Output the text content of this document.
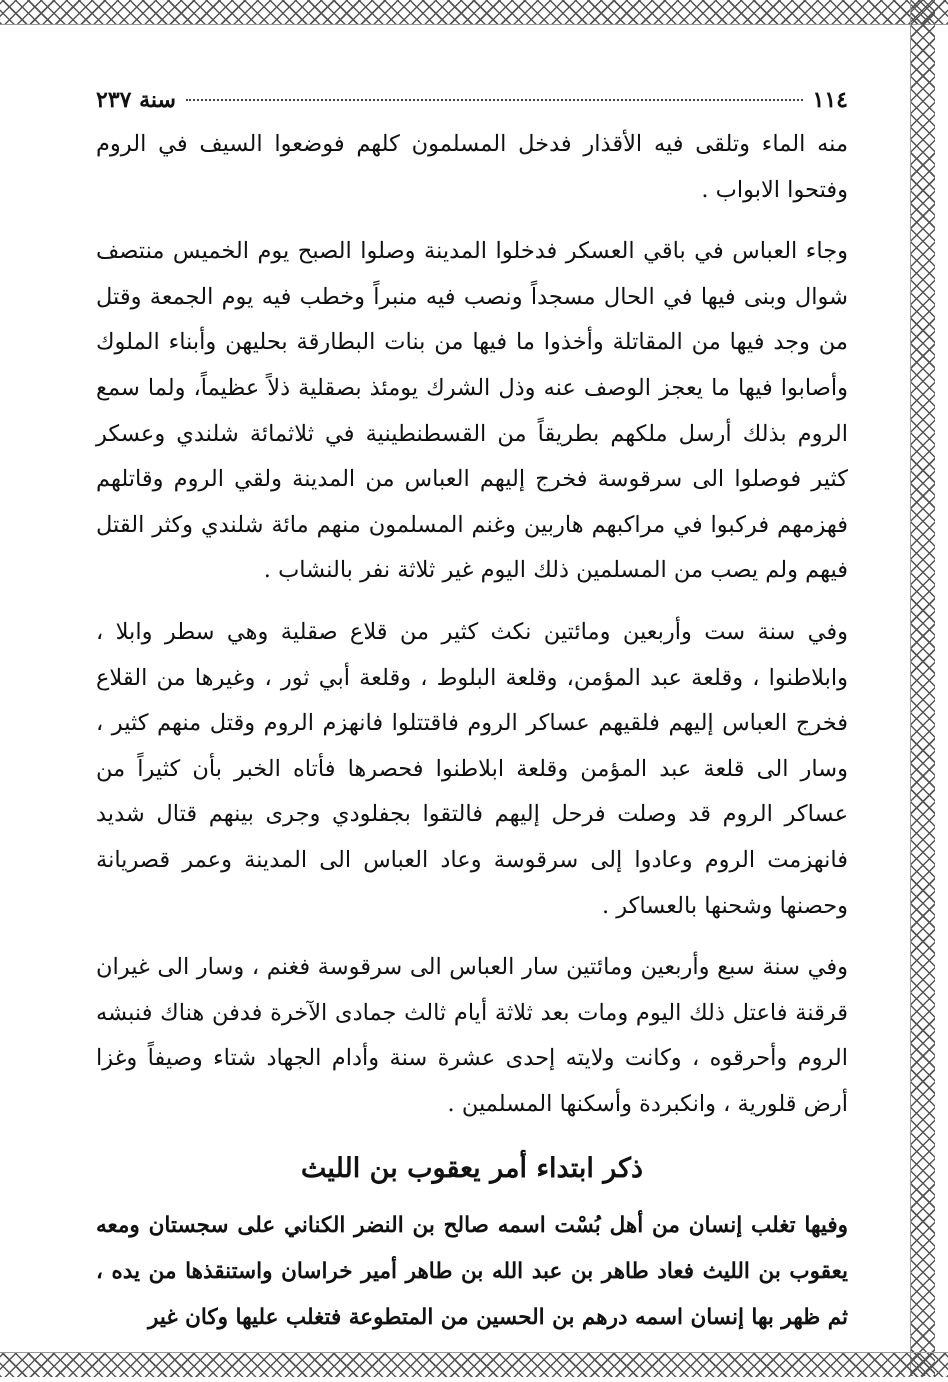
١١٤
سنة ٢٣٧

منه الماء وتلقى فيه الأقذار فدخل المسلمون كلهم فوضعوا السيف في الروم وفتحوا الابواب .

وجاء العباس في باقي العسكر فدخلوا المدينة وصلوا الصبح يوم الخميس منتصف شوال وبنى فيها في الحال مسجداً ونصب فيه منبراً وخطب فيه يوم الجمعة وقتل من وجد فيها من المقاتلة وأخذوا ما فيها من بنات البطارقة بحليهن وأبناء الملوك وأصابوا فيها ما يعجز الوصف عنه وذل الشرك يومئذ بصقلية ذلاً عظيماً، ولما سمع الروم بذلك أرسل ملكهم بطريقاً من القسطنطينية في ثلاثمائة شلندي وعسكر كثير فوصلوا الى سرقوسة فخرج إليهم العباس من المدينة ولقي الروم وقاتلهم فهزمهم فركبوا في مراكبهم هاربين وغنم المسلمون منهم مائة شلندي وكثر القتل فيهم ولم يصب من المسلمين ذلك اليوم غير ثلاثة نفر بالنشاب .

وفي سنة ست وأربعين ومائتين نكث كثير من قلاع صقلية وهي سطر وابلا ، وابلاطنوا ، وقلعة عبد المؤمن، وقلعة البلوط ، وقلعة أبي ثور ، وغيرها من القلاع فخرج العباس إليهم فلقيهم عساكر الروم فاقتتلوا فانهزم الروم وقتل منهم كثير ، وسار الى قلعة عبد المؤمن وقلعة ابلاطنوا فحصرها فأتاه الخبر بأن كثيراً من عساكر الروم قد وصلت فرحل إليهم فالتقوا بجفلودي وجرى بينهم قتال شديد فانهزمت الروم وعادوا إلى سرقوسة وعاد العباس الى المدينة وعمر قصريانة وحصنها وشحنها بالعساكر .

وفي سنة سبع وأربعين ومائتين سار العباس الى سرقوسة فغنم ، وسار الى غيران قرقنة فاعتل ذلك اليوم ومات بعد ثلاثة أيام ثالث جمادى الآخرة فدفن هناك فنبشه الروم وأحرقوه ، وكانت ولايته إحدى عشرة سنة وأدام الجهاد شتاء وصيفاً وغزا أرض قلورية ، وانكبردة وأسكنها المسلمين .

ذكر ابتداء أمر يعقوب بن الليث

وفيها تغلب إنسان من أهل بُسْت اسمه صالح بن النضر الكناني على سجستان ومعه يعقوب بن الليث فعاد طاهر بن عبد الله بن طاهر أمير خراسان واستنقذها من يده ، ثم ظهر بها إنسان اسمه درهم بن الحسين من المتطوعة فتغلب عليها وكان غير
